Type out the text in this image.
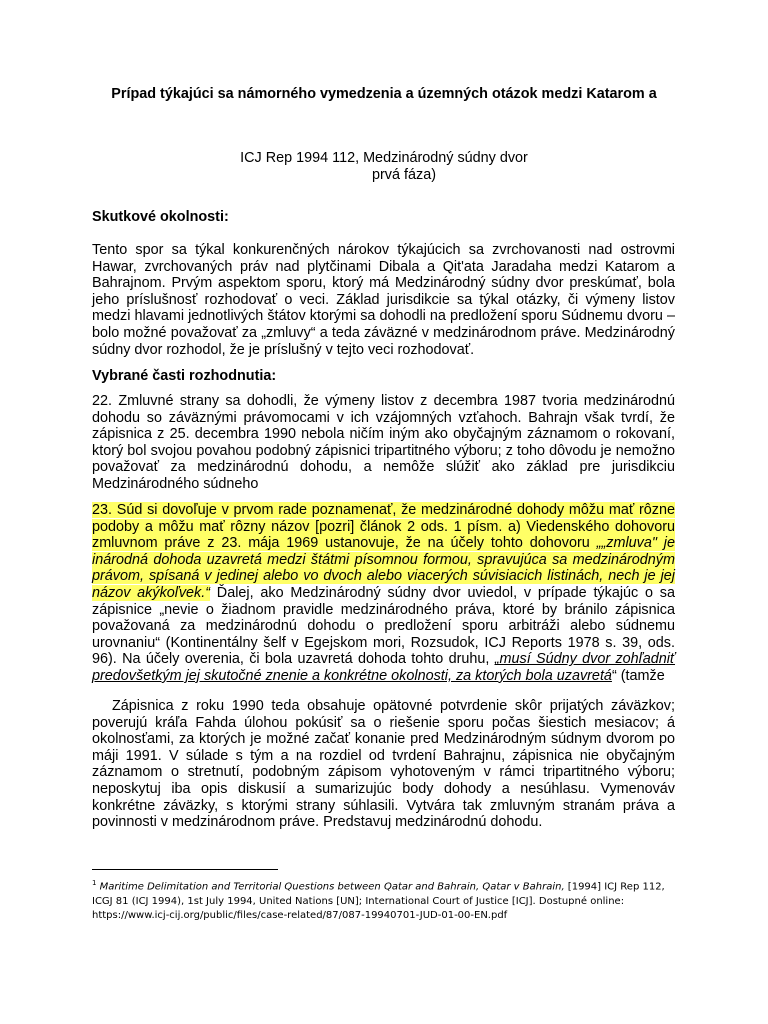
Prípad týkajúci sa námorného vymedzenia a územných otázok medzi Katarom a
ICJ Rep 1994 112, Medzinárodný súdny dvor
prvá fáza)
Skutkové okolnosti:

Tento spor sa týkal konkurenčných nárokov týkajúcich sa zvrchovanosti nad ostrovmi Hawar, zvrchovaných práv nad plytčinami Dibala a Qit'ata Jaradaha medzi Katarom a Bahrajnom. Prvým aspektom sporu, ktorý má Medzinárodný súdny dvor preskúmať, bola jeho príslušnosť rozhodovať o veci. Základ jurisdikcie sa týkal otázky, či výmeny listov medzi hlavami jednotlivých štátov ktorými sa dohodli na predložení sporu Súdnemu dvoru – bolo možné považovať za „zmluvy“ a teda záväzné v medzinárodnom práve. Medzinárodný súdny dvor rozhodol, že je príslušný v tejto veci rozhodovať.

Vybrané časti rozhodnutia:

22. Zmluvné strany sa dohodli, že výmeny listov z decembra 1987 tvoria medzinárodnú dohodu so záväznými právomocami v ich vzájomných vzťahoch. Bahrajn však tvrdí, že zápisnica z 25. decembra 1990 nebola ničím iným ako obyčajným záznamom o rokovaní, ktorý bol svojou povahou podobný zápisnici tripartitného výboru; z toho dôvodu je nemožno považovať za medzinárodnú dohodu, a nemôže slúžiť ako základ pre jurisdikciu Medzinárodného súdneho

23. Súd si dovoľuje v prvom rade poznamenať, že medzinárodné dohody môžu mať rôzne podoby a môžu mať rôzny názov [pozri] článok 2 ods. 1 písm. a) Viedenského dohovoru zmluvnom práve z 23. mája 1969 ustanovuje, že na účely tohto dohovoru „„zmluva" je inárodná dohoda uzavretá medzi štátmi písomnou formou, spravujúca sa medzinárodným právom, spísaná v jedinej alebo vo dvoch alebo viacerých súvisiacich listinách, nech je jej názov akýkoľvek.“ Ďalej, ako Medzinárodný súdny dvor uviedol, v prípade týkajúc o sa zápisnice „nevie o žiadnom pravidle medzinárodného práva, ktoré by bránilo zápisnica považovaná za medzinárodnú dohodu o predložení sporu arbitráži alebo súdnemu urovnaniu“ (Kontinentálny šelf v Egejskom mori, Rozsudok, ICJ Reports 1978 s. 39, ods. 96). Na účely overenia, či bola uzavretá dohoda tohto druhu, „musí Súdny dvor zohľadniť predovšetkým jej skutočné znenie a konkrétne okolnosti, za ktorých bola uzavretá“ (tamže

Zápisnica z roku 1990 teda obsahuje opätovné potvrdenie skôr prijatých záväzkov; poverujú kráľa Fahda úlohou pokúsiť sa o riešenie sporu počas šiestich mesiacov; á okolnosťami, za ktorých je možné začať konanie pred Medzinárodným súdnym dvorom po máji 1991. V súlade s tým a na rozdiel od tvrdení Bahrajnu, zápisnica nie obyčajným záznamom o stretnutí, podobným zápisom vyhotoveným v rámci tripartitného výboru; neposkytuj iba opis diskusií a sumarizujúc body dohody a nesúhlasu. Vymenováv konkrétne záväzky, s ktorými strany súhlasili. Vytvára tak zmluvným stranám práva a povinnosti v medzinárodnom práve. Predstavuj medzinárodnú dohodu.

$^1$ Maritime Delimitation and Territorial Questions between Qatar and Bahrain, Qatar v Bahrain, [1994] ICJ Rep 112, ICGJ 81 (ICJ 1994), 1st July 1994, United Nations [UN]; International Court of Justice [ICJ]. Dostupné online: https://www.icj-cij.org/public/files/case-related/87/087-19940701-JUD-01-00-EN.pdf
